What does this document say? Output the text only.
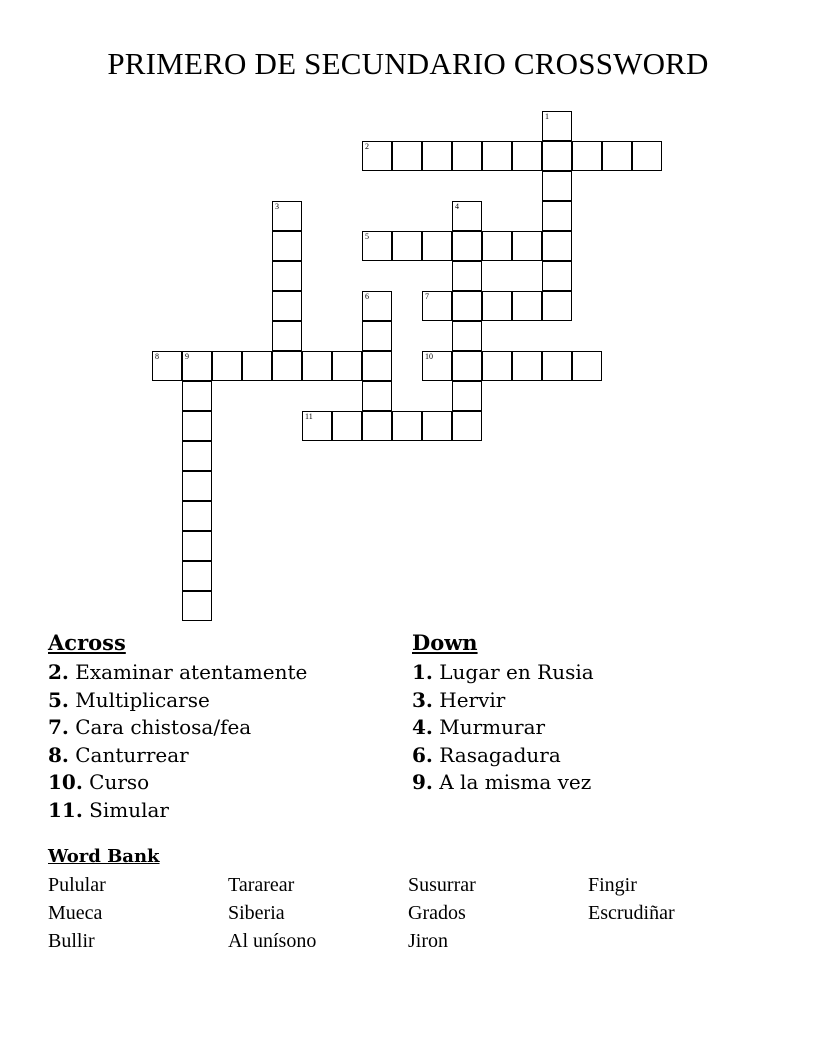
PRIMERO DE SECUNDARIO CROSSWORD
2
5
7
8	9	10
11
1
3	4
6
Across
2. Examinar atentamente
5. Multiplicarse
7. Cara chistosa/fea
8. Canturrear
10. Curso
11. Simular
Down
1. Lugar en Rusia
3. Hervir
4. Murmurar
6. Rasagadura
9. A la misma vez
Word Bank
Pulular	Tararear	Susurrar	Fingir
Mueca	Siberia	Grados	Escrudiñar
Bullir	Al unísono	Jiron
